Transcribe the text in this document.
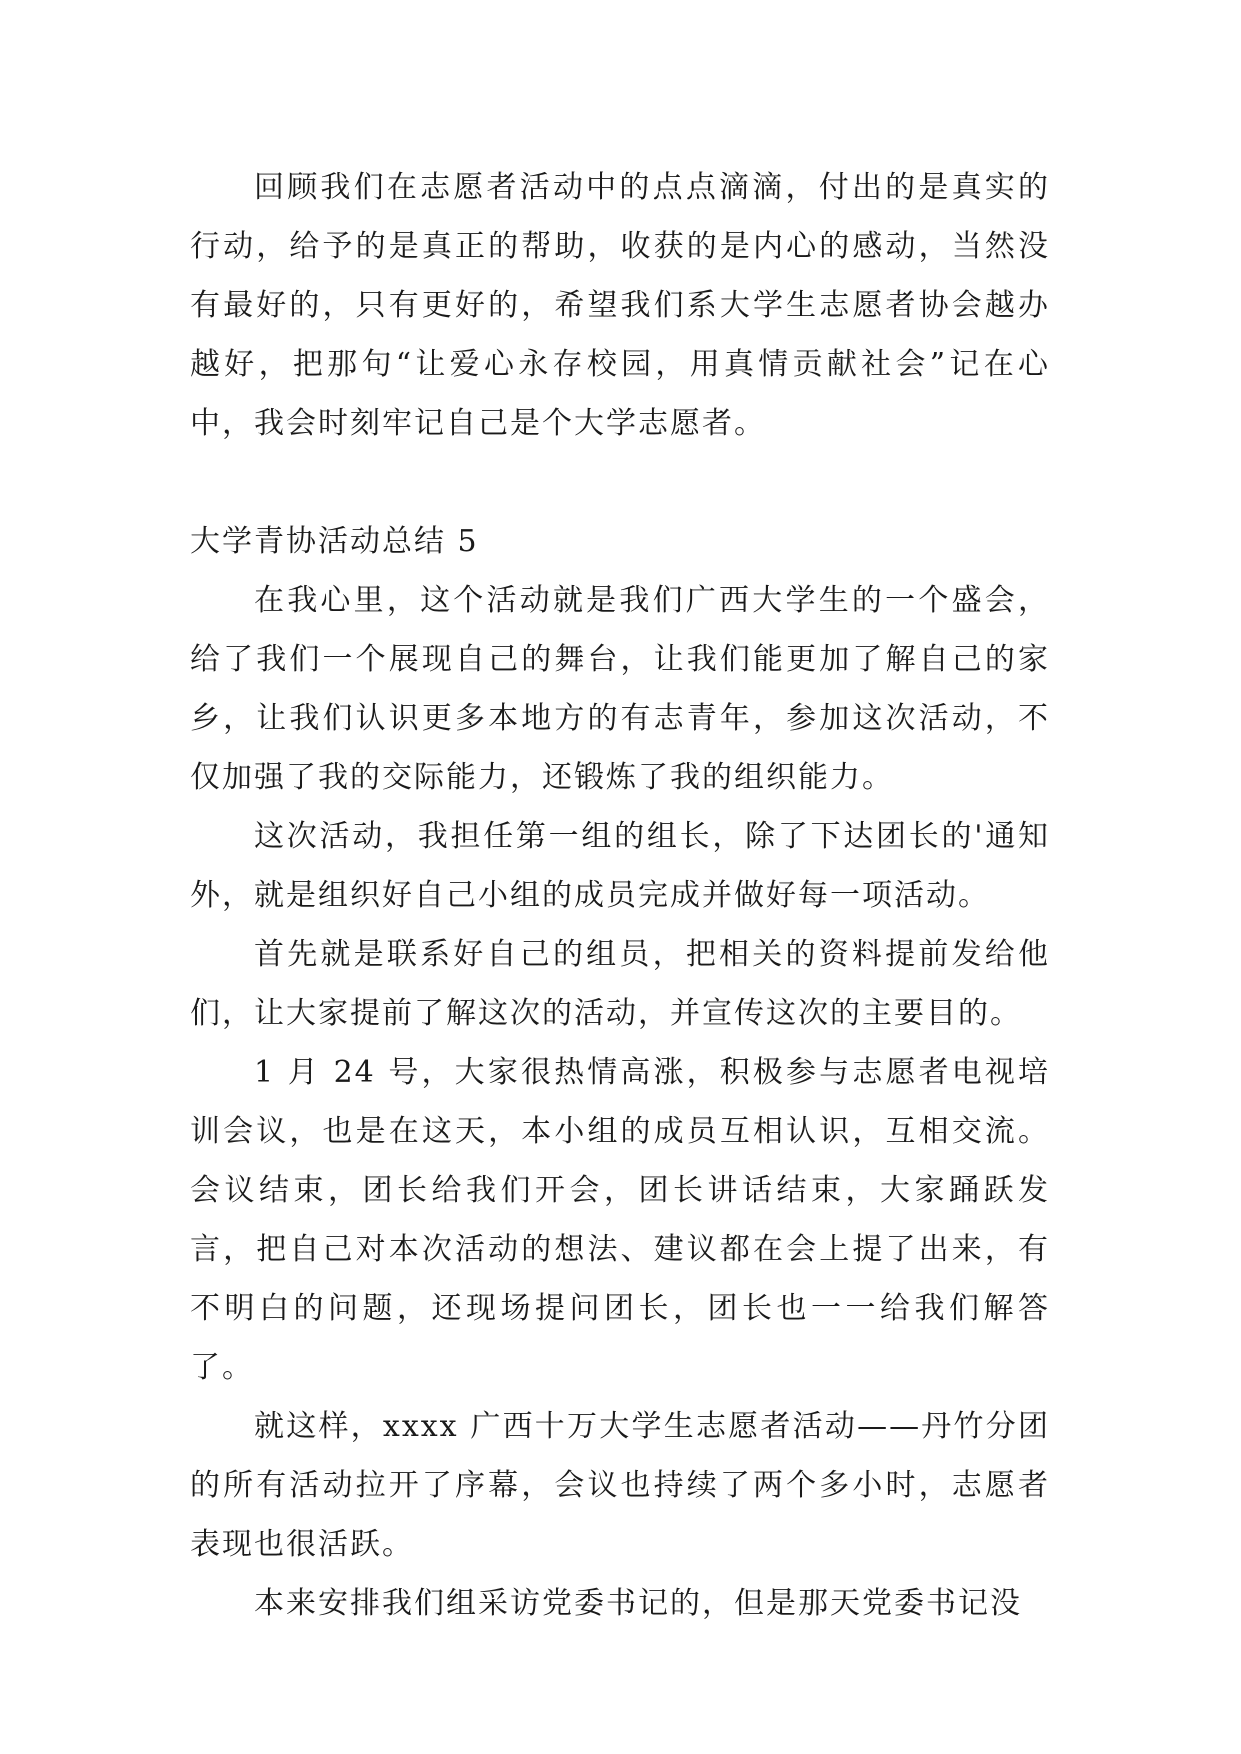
回顾我们在志愿者活动中的点点滴滴，付出的是真实的行动，给予的是真正的帮助，收获的是内心的感动，当然没有最好的，只有更好的，希望我们系大学生志愿者协会越办越好，把那句“让爱心永存校园，用真情贡献社会”记在心中，我会时刻牢记自己是个大学志愿者。

大学青协活动总结 5

在我心里，这个活动就是我们广西大学生的一个盛会，给了我们一个展现自己的舞台，让我们能更加了解自己的家乡，让我们认识更多本地方的有志青年，参加这次活动，不仅加强了我的交际能力，还锻炼了我的组织能力。

这次活动，我担任第一组的组长，除了下达团长的'通知外，就是组织好自己小组的成员完成并做好每一项活动。

首先就是联系好自己的组员，把相关的资料提前发给他们，让大家提前了解这次的活动，并宣传这次的主要目的。

1 月 24 号，大家很热情高涨，积极参与志愿者电视培训会议，也是在这天，本小组的成员互相认识，互相交流。会议结束，团长给我们开会，团长讲话结束，大家踊跃发言，把自己对本次活动的想法、建议都在会上提了出来，有不明白的问题，还现场提问团长，团长也一一给我们解答了。

就这样，xxxx 广西十万大学生志愿者活动——丹竹分团的所有活动拉开了序幕，会议也持续了两个多小时，志愿者表现也很活跃。

本来安排我们组采访党委书记的，但是那天党委书记没
